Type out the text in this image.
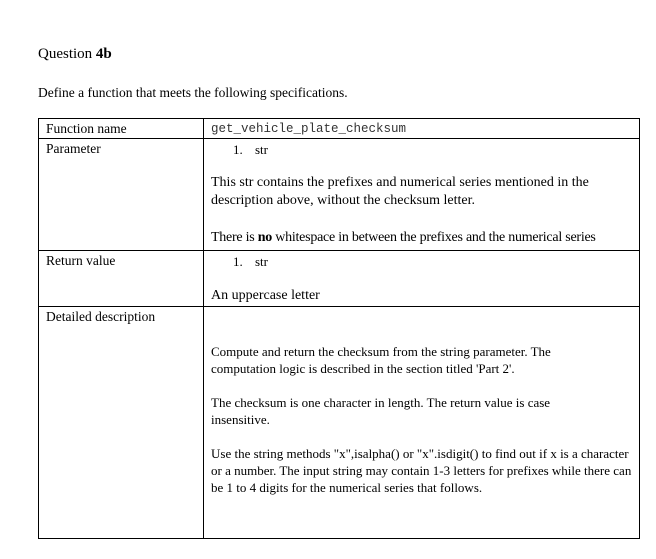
Question 4b
Define a function that meets the following specifications.
Function name	get_vehicle_plate_checksum

Parameter	1. str
This str contains the prefixes and numerical series mentioned in the description above, without the checksum letter.
There is no whitespace in between the prefixes and the numerical series

Return value	1. str
An uppercase letter

Detailed description	Compute and return the checksum from the string parameter. The computation logic is described in the section titled 'Part 2'.
The checksum is one character in length. The return value is case insensitive.
Use the string methods "x",isalpha() or "x".isdigit() to find out if x is a character or a number. The input string may contain 1-3 letters for prefixes while there can be 1 to 4 digits for the numerical series that follows.
